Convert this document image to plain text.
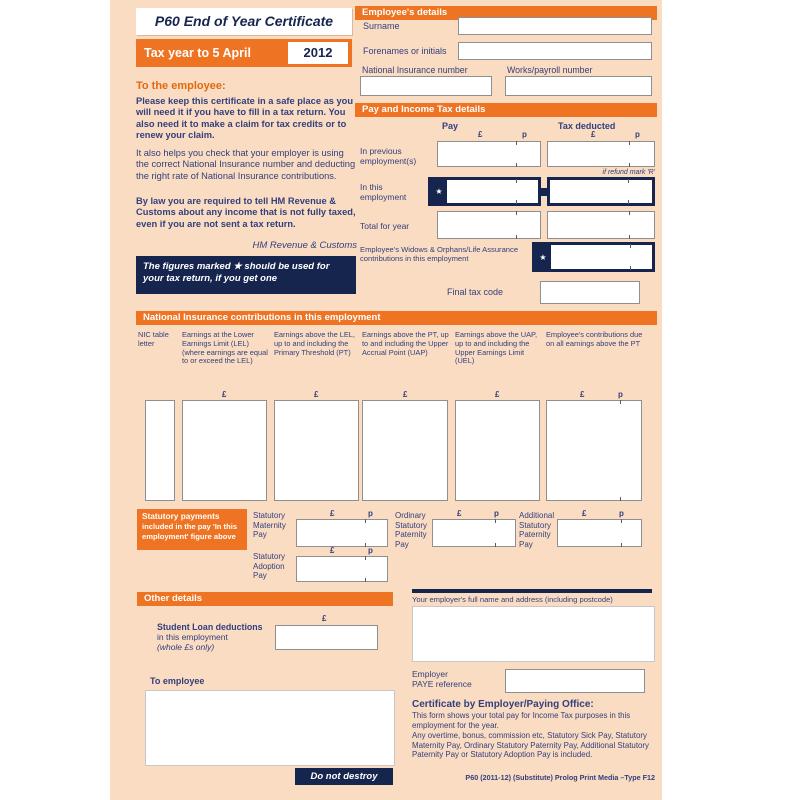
P60 End of Year Certificate
Tax year to 5 April	2012
To the employee:
Please keep this certificate in a safe place as you will need it if you have to fill in a tax return. You also need it to make a claim for tax credits or to renew your claim.
It also helps you check that your employer is using the correct National Insurance number and deducting the right rate of National Insurance contributions.
By law you are required to tell HM Revenue & Customs about any income that is not fully taxed, even if you are not sent a tax return.
HM Revenue & Customs
The figures marked ★ should be used for your tax return, if you get one
Employee's details
Surname
Forenames or initials
National Insurance number	Works/payroll number
Pay and Income Tax details
Pay	Tax deducted
£	p	£	p
In previous employment(s)
if refund mark 'R'
In this employment
★
Total for year
Employee's Widows & Orphans/Life Assurance contributions in this employment	★
Final tax code
National Insurance contributions in this employment
NIC table letter
Earnings at the Lower Earnings Limit (LEL) (where earnings are equal to or exceed the LEL)
Earnings above the LEL, up to and including the Primary Threshold (PT)
Earnings above the PT, up to and including the Upper Accrual Point (UAP)
Earnings above the UAP, up to and including the Upper Earnings Limit (UEL)
Employee's contributions due on all earnings above the PT
£	£	£	£	£	p
Statutory payments
included in the pay 'In this employment' figure above
Statutory Maternity Pay
£	p	Ordinary Statutory Paternity Pay
£	p	Additional Statutory Paternity Pay
£	p
Statutory Adoption Pay
£	p
Other details
Student Loan deductions
in this employment
(whole £s only)
£
To employee
Do not destroy
Your employer's full name and address (including postcode)
Employer
PAYE reference
Certificate by Employer/Paying Office:
This form shows your total pay for Income Tax purposes in this employment for the year.
Any overtime, bonus, commission etc, Statutory Sick Pay, Statutory Maternity Pay, Ordinary Statutory Paternity Pay, Additional Statutory Paternity Pay or Statutory Adoption Pay is included.
P60 (2011-12) (Substitute) Prolog Print Media –Type F12
